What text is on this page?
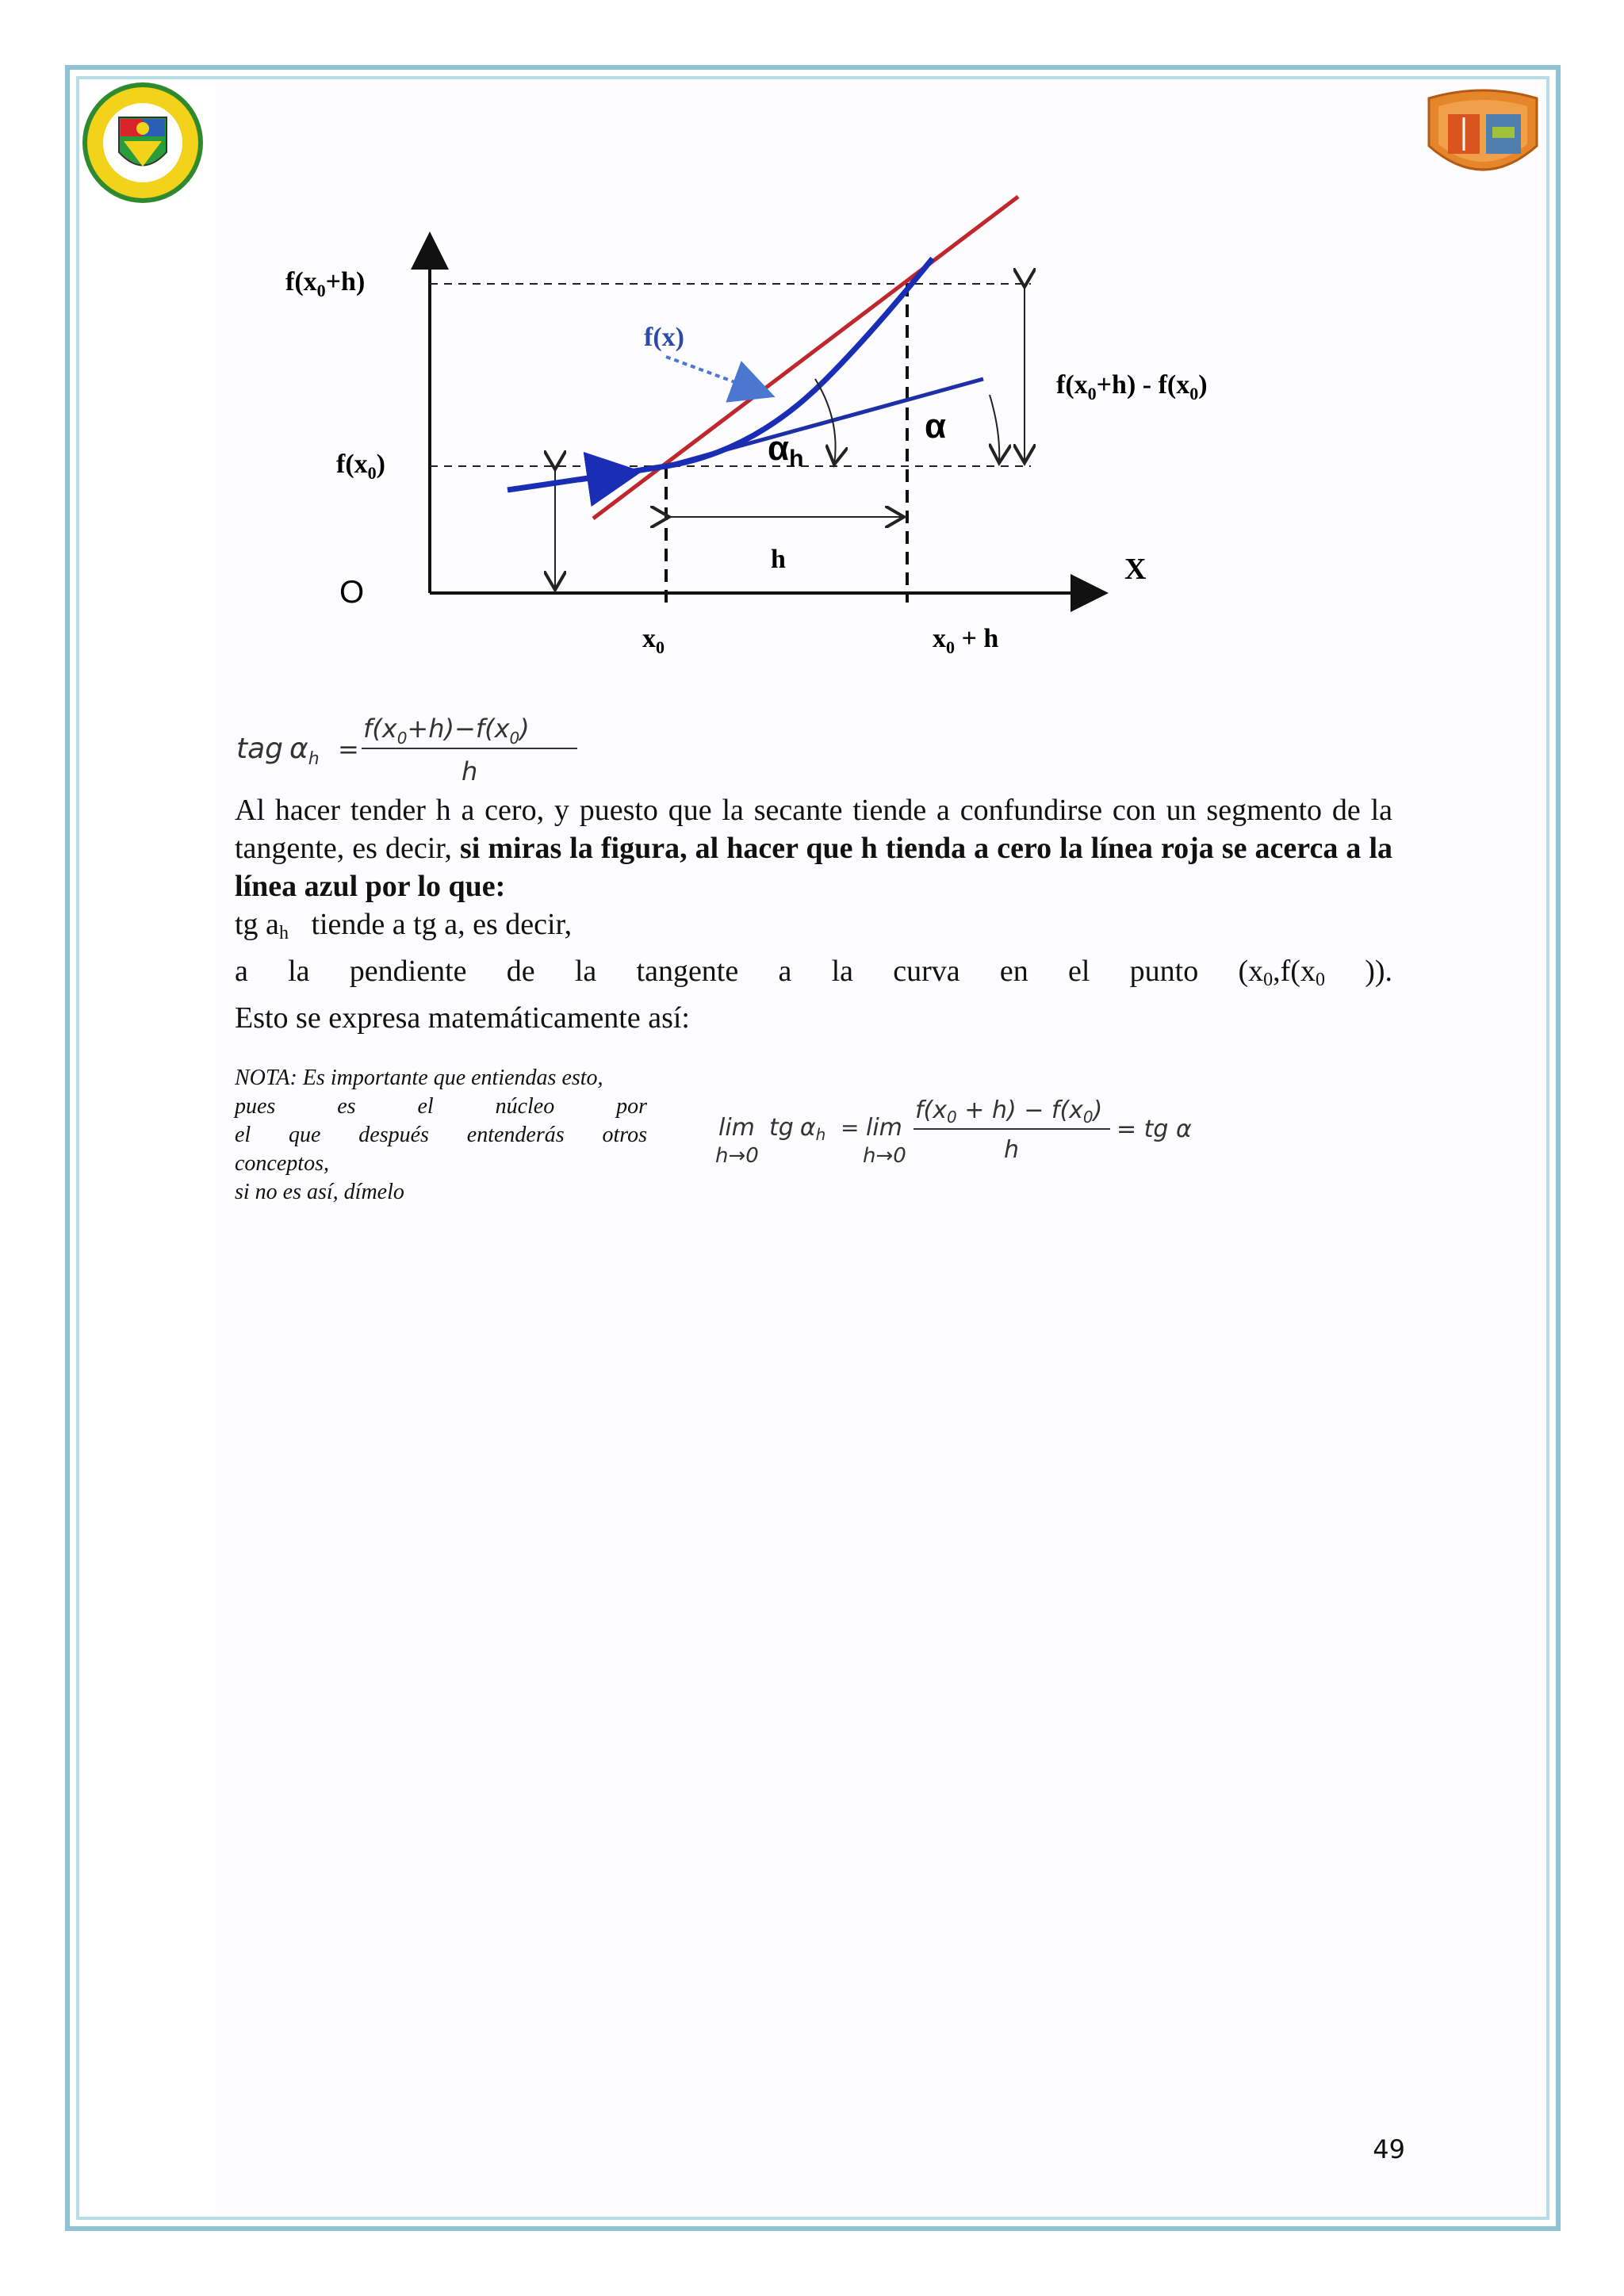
$f(x_0+h)$
$f(x_0)$
O
X
$x_0$	$x_0 + h$
h
f(x)
$f(x_0+h) - f(x_0)$
αh
α
tag $\alpha_h$ =
$f(x_0+h)-f(x_0)$
h

Al hacer tender h a cero, y puesto que la secante tiende a confundirse con un segmento de la tangente, es decir, si miras la figura, al hacer que h tienda a cero la línea roja se acerca a la línea azul por lo que:

tg $a_h$ tiende a tg a, es decir,

a la pendiente de la tangente a la curva en el punto ($x_0,f(x_0$ )).

Esto se expresa matemáticamente así:

NOTA: Es importante que entiendas esto,
pues es el núcleo por
el que después entenderás otros
conceptos,
si no es así, dímelo
lim
h→0
tg $\alpha_h = \lim$
h→0
$f(x_0 + h) - f(x_0)$
h
= tg α
49
